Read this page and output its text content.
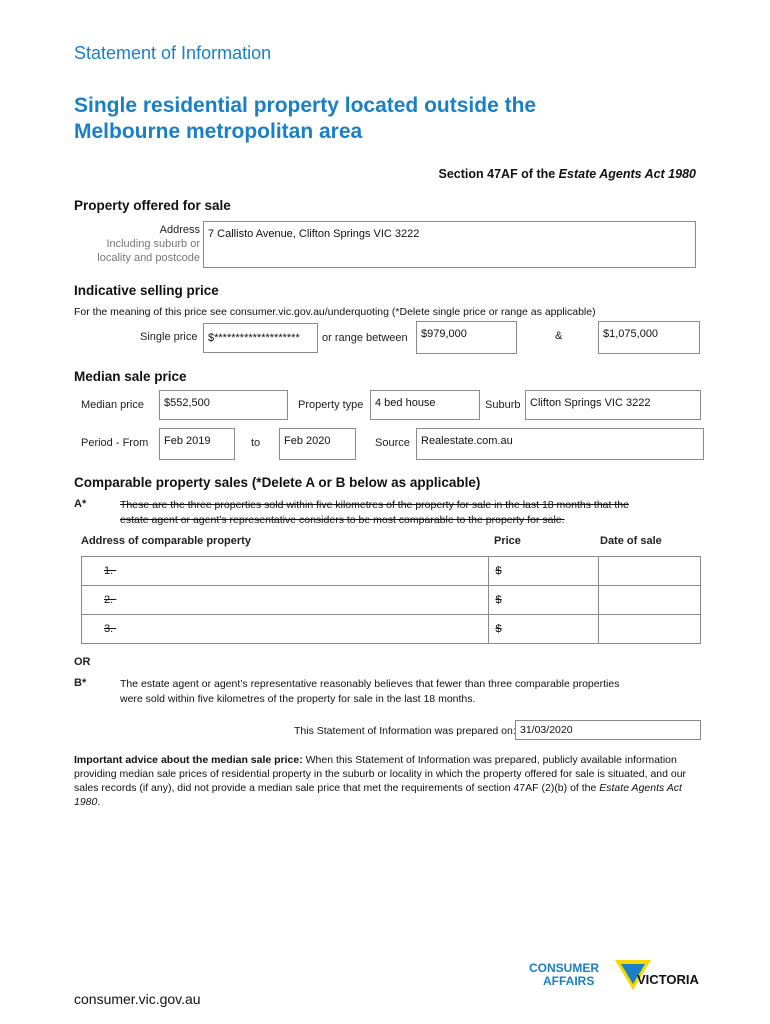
Statement of Information
Single residential property located outside the
Melbourne metropolitan area
Section 47AF of the Estate Agents Act 1980
Property offered for sale
Address
Including suburb or
locality and postcode
7 Callisto Avenue, Clifton Springs VIC 3222
Indicative selling price
For the meaning of this price see consumer.vic.gov.au/underquoting (*Delete single price or range as applicable)
Single price $********************	or range between	$979,000	&	$1,075,000
Median sale price
Median price	$552,500	Property type	4 bed house	Suburb Clifton Springs VIC 3222
Period - From	Feb 2019	to	Feb 2020	Source	Realestate.com.au
Comparable property sales (*Delete A or B below as applicable)
A*	These are the three properties sold within five kilometres of the property for sale in the last 18 months that the
estate agent or agent’s representative considers to be most comparable to the property for sale.
Address of comparable property	Price	Date of sale
1.	$	
2.	$	
3.	$	
OR
B*	The estate agent or agent’s representative reasonably believes that fewer than three comparable properties
were sold within five kilometres of the property for sale in the last 18 months.
This Statement of Information was prepared on: 31/03/2020
Important advice about the median sale price: When this Statement of Information was prepared, publicly available information providing median sale prices of residential property in the suburb or locality in which the property offered for sale is situated, and our sales records (if any), did not provide a median sale price that met the requirements of section 47AF (2)(b) of the Estate Agents Act 1980.
CONSUMER
AFFAIRS	VICTORIA
consumer.vic.gov.au
